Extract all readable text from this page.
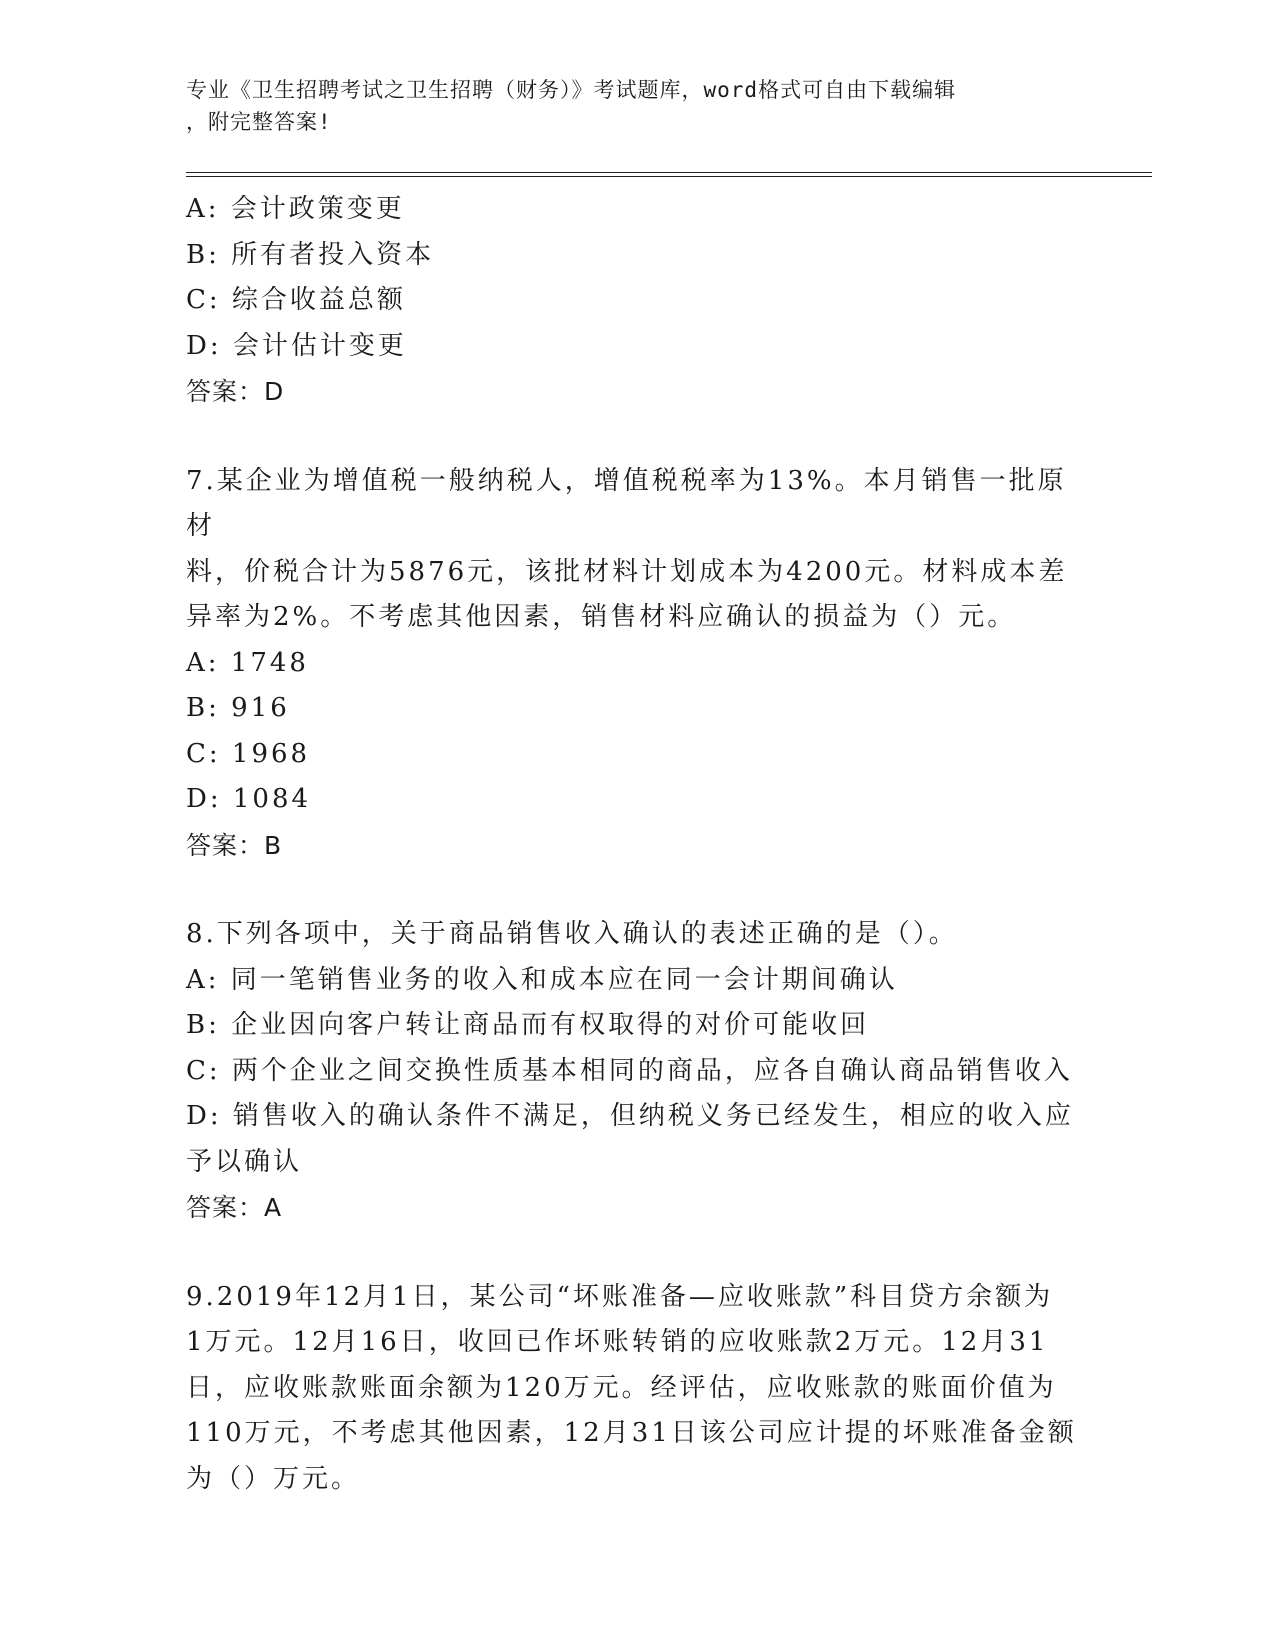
专业《卫生招聘考试之卫生招聘（财务）》考试题库，word格式可自由下载编辑
，附完整答案!
A: 会计政策变更
B: 所有者投入资本
C: 综合收益总额
D: 会计估计变更
答案：D
7.某企业为增值税一般纳税人，增值税税率为13%。本月销售一批原材
料，价税合计为5876元，该批材料计划成本为4200元。材料成本差
异率为2%。不考虑其他因素，销售材料应确认的损益为（）元。
A: 1748
B: 916
C: 1968
D: 1084
答案：B
8.下列各项中，关于商品销售收入确认的表述正确的是（）。
A: 同一笔销售业务的收入和成本应在同一会计期间确认
B: 企业因向客户转让商品而有权取得的对价可能收回
C: 两个企业之间交换性质基本相同的商品，应各自确认商品销售收入
D: 销售收入的确认条件不满足，但纳税义务已经发生，相应的收入应
予以确认
答案：A
9.2019年12月1日，某公司“坏账准备—应收账款”科目贷方余额为
1万元。12月16日，收回已作坏账转销的应收账款2万元。12月31
日，应收账款账面余额为120万元。经评估，应收账款的账面价值为
110万元，不考虑其他因素，12月31日该公司应计提的坏账准备金额
为（）万元。
